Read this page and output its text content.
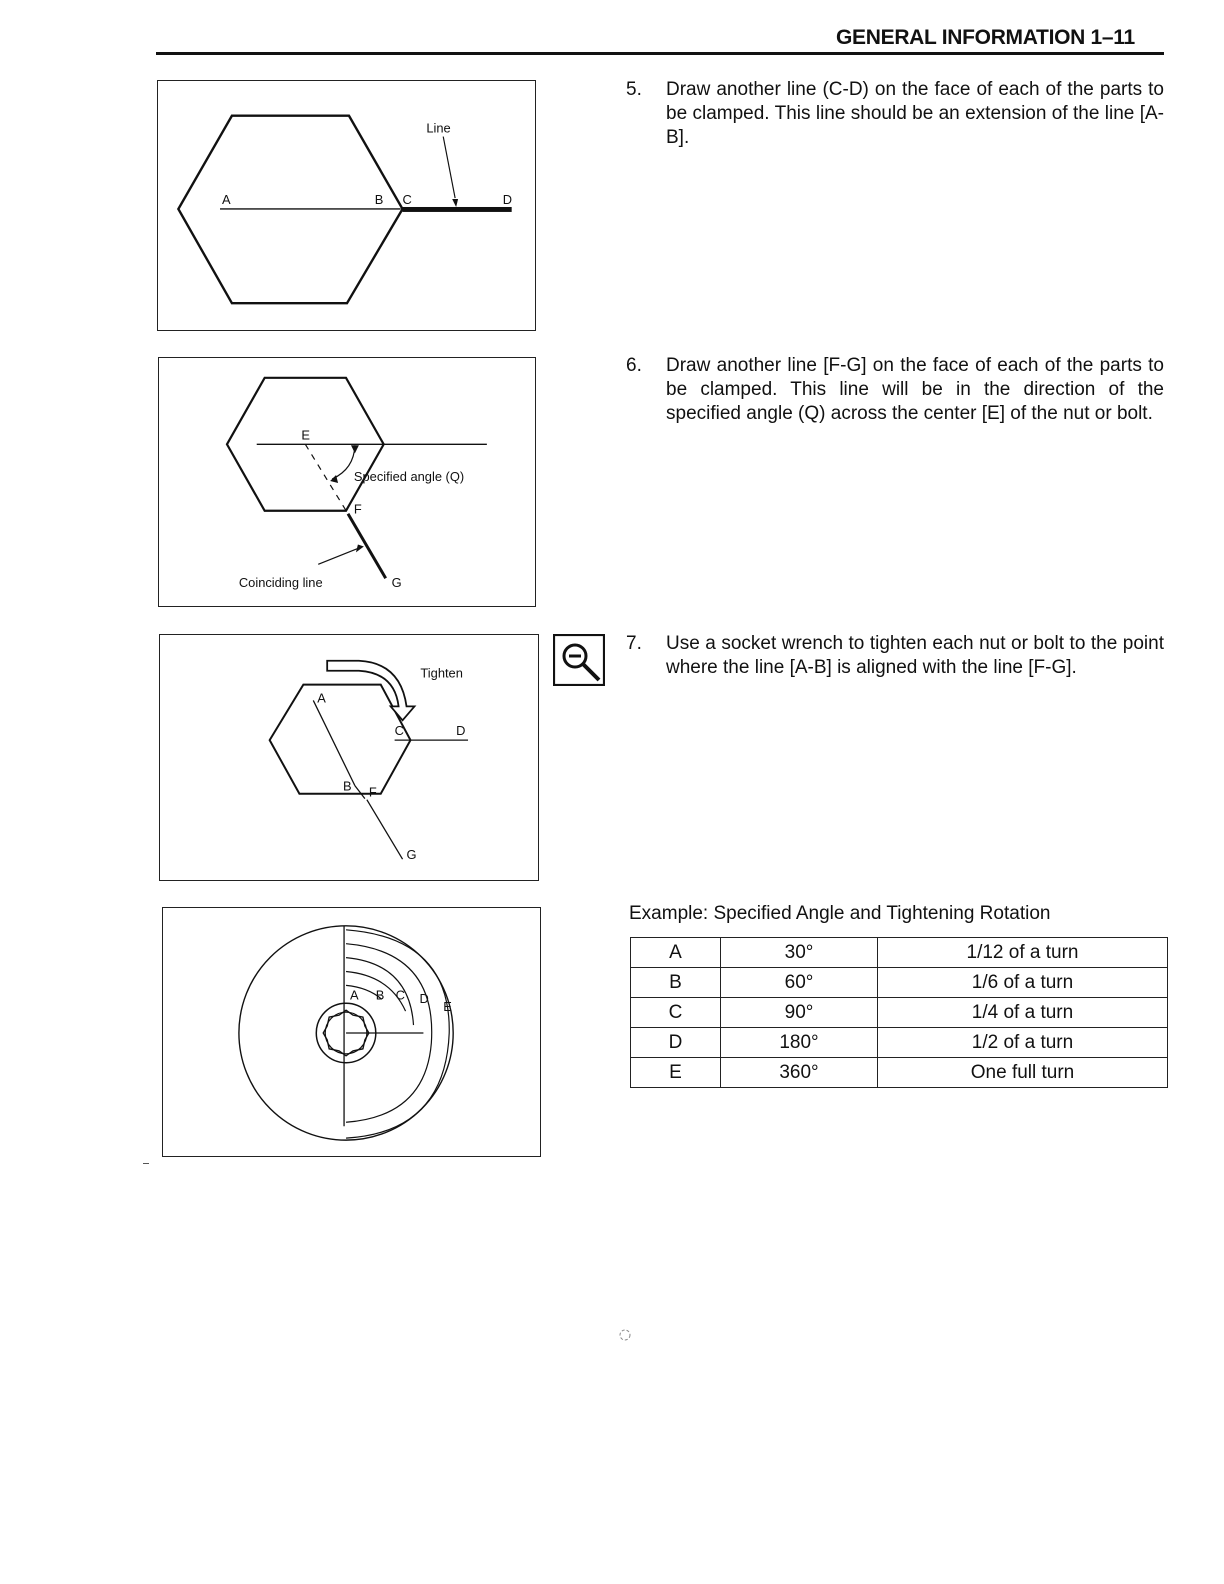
GENERAL INFORMATION 1–11
Line
A	B C	D
5.	Draw another line (C-D) on the face of each of the parts to be clamped. This line should be an extension of the line [A-B].
E
Specified angle (Q)
F
Coinciding line	G
6.	Draw another line [F-G] on the face of each of the parts to be clamped. This line will be in the direction of the specified angle (Q) across the center [E] of the nut or bolt.
Tighten
A
C	D
B F
G
7.	Use a socket wrench to tighten each nut or bolt to the point where the line [A-B] is aligned with the line [F-G].
A B C D
E
Example: Specified Angle and Tightening Rotation
A	30°	1/12 of a turn
B	60°	1/6 of a turn
C	90°	1/4 of a turn
D	180°	1/2 of a turn
E	360°	One full turn
